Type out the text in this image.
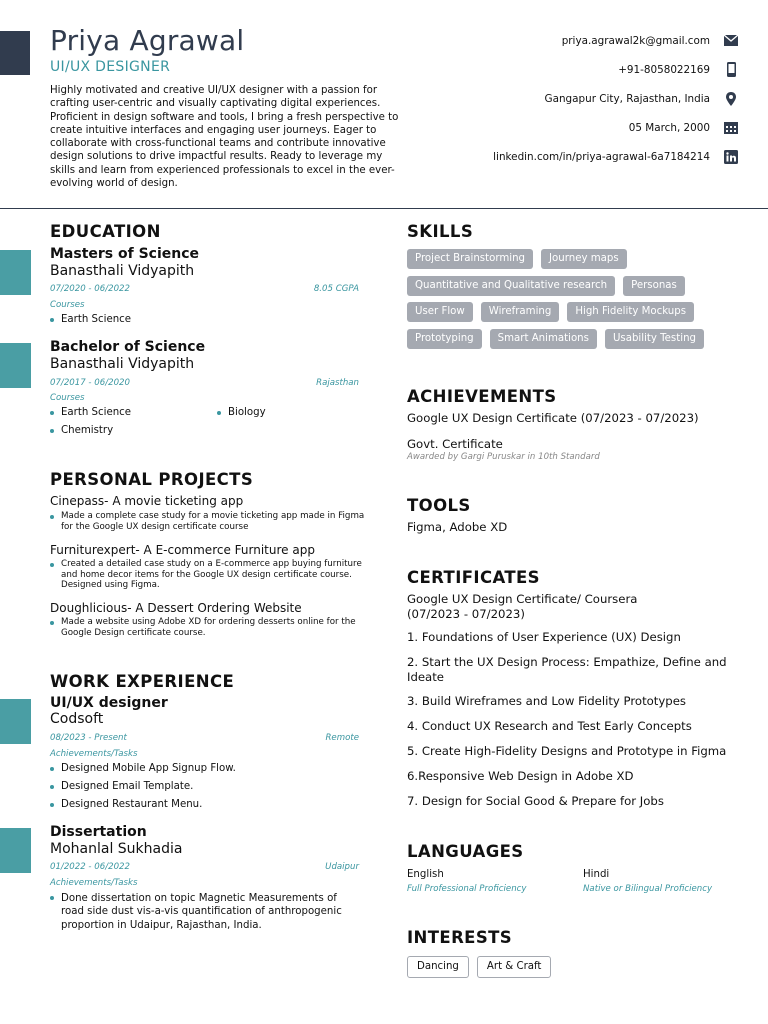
Priya Agrawal
UI/UX DESIGNER
Highly motivated and creative UI/UX designer with a passion for crafting user-centric and visually captivating digital experiences. Proficient in design software and tools, I bring a fresh perspective to create intuitive interfaces and engaging user journeys. Eager to collaborate with cross-functional teams and contribute innovative design solutions to drive impactful results. Ready to leverage my skills and learn from experienced professionals to excel in the ever-evolving world of design.
priya.agrawal2k@gmail.com
+91-8058022169
Gangapur City, Rajasthan, India
05 March, 2000
linkedin.com/in/priya-agrawal-6a7184214
EDUCATION
Masters of Science
Banasthali Vidyapith
07/2020 - 06/2022	8.05 CGPA
Courses
Earth Science
Bachelor of Science
Banasthali Vidyapith
07/2017 - 06/2020	Rajasthan
Courses
Earth Science
Chemistry
Biology
PERSONAL PROJECTS
Cinepass- A movie ticketing app
Made a complete case study for a movie ticketing app made in Figma for the Google UX design certificate course
Furniturexpert- A E-commerce Furniture app
Created a detailed case study on a E-commerce app buying furniture and home decor items for the Google UX design certificate course. Designed using Figma.
Doughlicious- A Dessert Ordering Website
Made a website using Adobe XD for ordering desserts online for the Google Design certificate course.
WORK EXPERIENCE
UI/UX designer
Codsoft
08/2023 - Present	Remote
Achievements/Tasks
Designed Mobile App Signup Flow.
Designed Email Template.
Designed Restaurant Menu.
Dissertation
Mohanlal Sukhadia
01/2022 - 06/2022	Udaipur
Achievements/Tasks
Done dissertation on topic Magnetic Measurements of road side dust vis-a-vis quantification of anthropogenic proportion in Udaipur, Rajasthan, India.
SKILLS
Project Brainstorming	Journey maps
Quantitative and Qualitative research	Personas
User Flow	Wireframing	High Fidelity Mockups
Prototyping	Smart Animations	Usability Testing
ACHIEVEMENTS
Google UX Design Certificate (07/2023 - 07/2023)
Govt. Certificate
Awarded by Gargi Puruskar in 10th Standard
TOOLS
Figma, Adobe XD
CERTIFICATES
Google UX Design Certificate/ Coursera (07/2023 - 07/2023)
1. Foundations of User Experience (UX) Design
2. Start the UX Design Process: Empathize, Define and Ideate
3. Build Wireframes and Low Fidelity Prototypes
4. Conduct UX Research and Test Early Concepts
5. Create High-Fidelity Designs and Prototype in Figma
6.Responsive Web Design in Adobe XD
7. Design for Social Good & Prepare for Jobs
LANGUAGES
English
Full Professional Proficiency
Hindi
Native or Bilingual Proficiency
INTERESTS
Dancing	Art & Craft
